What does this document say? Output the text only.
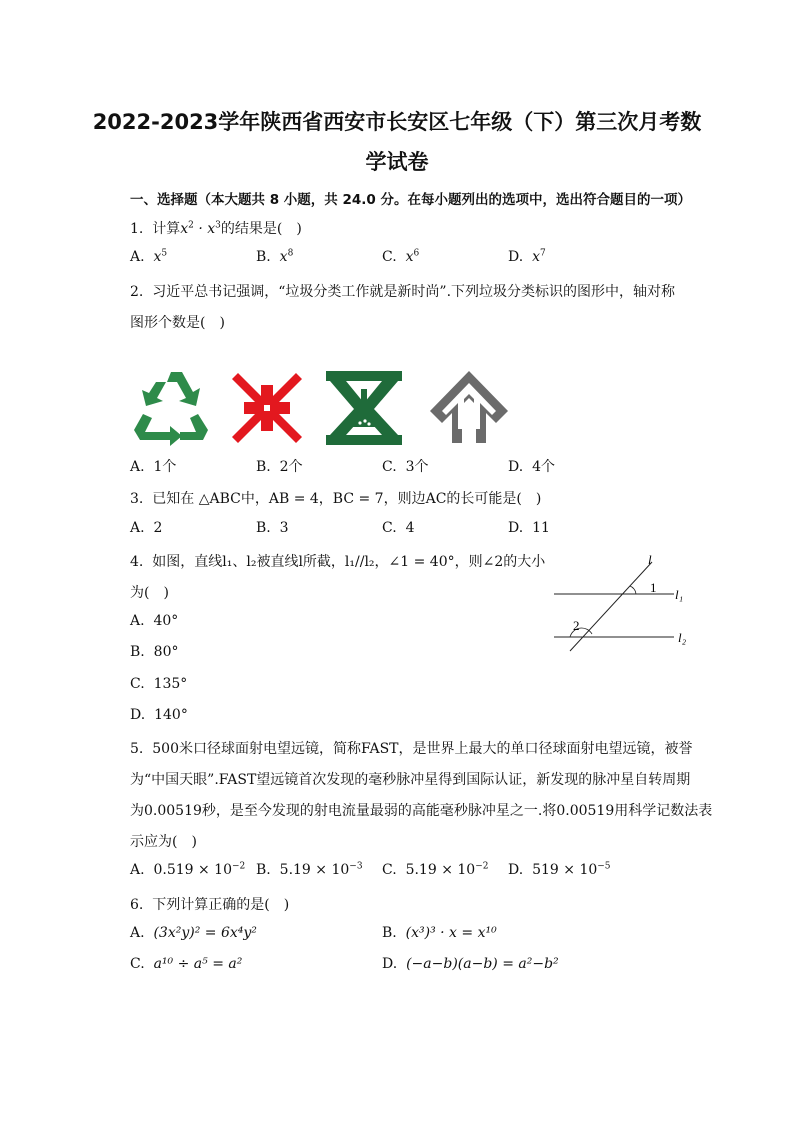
2022-2023学年陕西省西安市长安区七年级（下）第三次月考数
学试卷
一、选择题（本大题共 8 小题，共 24.0 分。在每小题列出的选项中，选出符合题目的一项）
1. 计算$x^2 \cdot x^3$的结果是(　)
A. $x^5$	B. $x^8$	C. $x^6$	D. $x^7$
2. 习近平总书记强调，“垃圾分类工作就是新时尚”.下列垃圾分类标识的图形中，轴对称
图形个数是(　)
A. 1个	B. 2个	C. 3个	D. 4个
3. 已知在 △ABC中，AB = 4，BC = 7，则边AC的长可能是(　)
A. 2	B. 3	C. 4	D. 11
4. 如图，直线l₁、l₂被直线l所截，l₁//l₂，∠1 = 40°，则∠2的大小
为(　)
A. 40°
B. 80°
C. 135°
D. 140°
l
1 l₁
2
l₂
5. 500米口径球面射电望远镜，简称FAST，是世界上最大的单口径球面射电望远镜，被誉
为“中国天眼”.FAST望远镜首次发现的毫秒脉冲星得到国际认证，新发现的脉冲星自转周期
为0.00519秒，是至今发现的射电流量最弱的高能毫秒脉冲星之一.将0.00519用科学记数法表
示应为(　)
A. $0.519 \times 10^{-2}$ B. $5.19 \times 10^{-3}$ C. $5.19 \times 10^{-2}$ D. $519 \times 10^{-5}$
6. 下列计算正确的是(　)
A. (3x²y)² = 6x⁴y²	B. (x³)³ · x = x¹⁰
C. a¹⁰ ÷ a⁵ = a²	D. (−a−b)(a−b) = a²−b²
